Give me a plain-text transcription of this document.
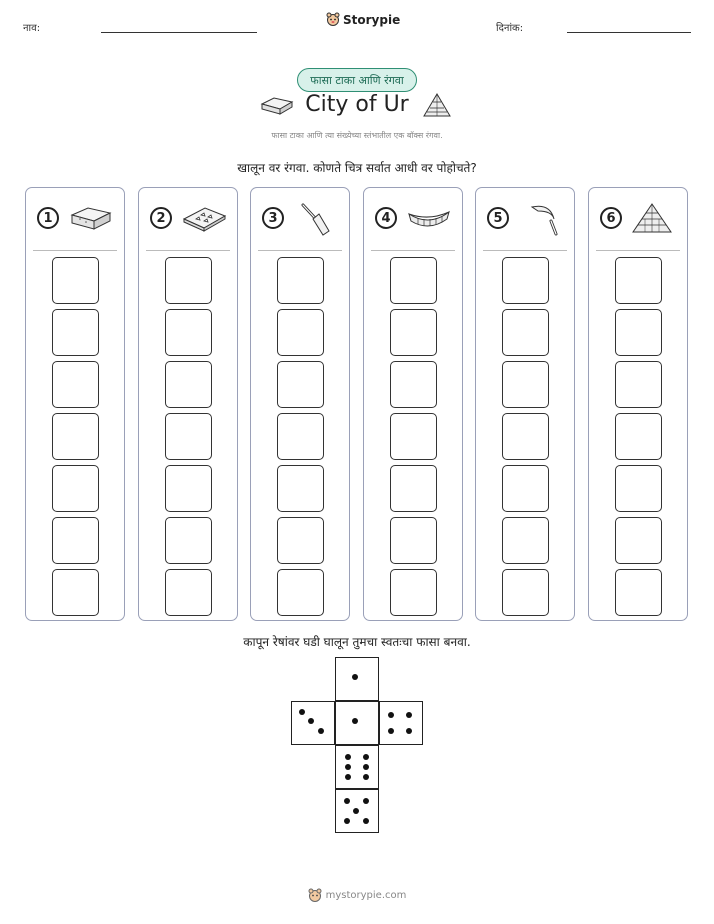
नाव:
Storypie
दिनांक:
फासा टाका आणि रंगवा
City of Ur
फासा टाका आणि त्या संख्येच्या स्तंभातील एक बॉक्स रंगवा.
खालून वर रंगवा. कोणते चित्र सर्वात आधी वर पोहोचते?
1	2	3	4	5	6
कापून रेषांवर घडी घालून तुमचा स्वतःचा फासा बनवा.
mystorypie.com
